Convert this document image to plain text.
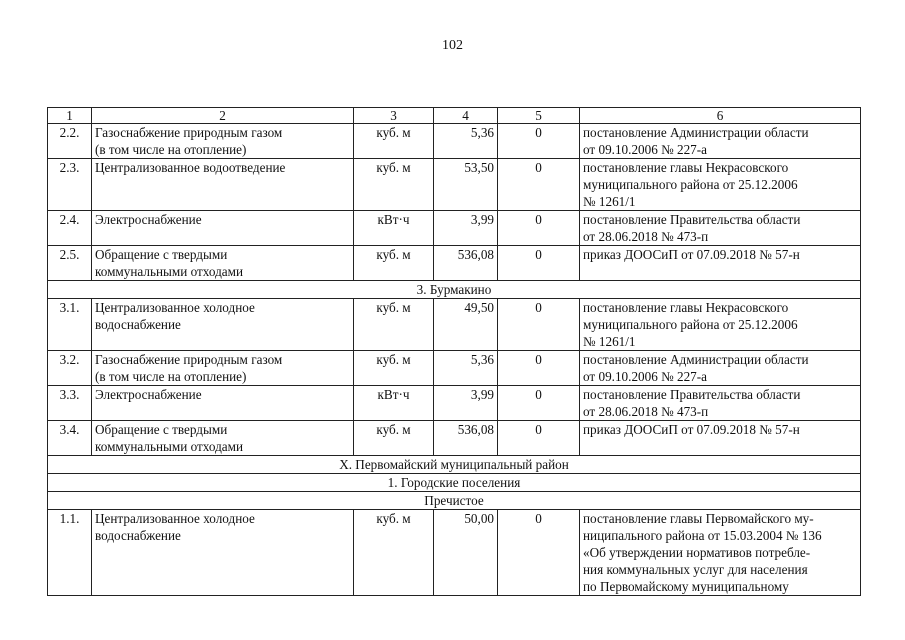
102
1	2	3	4	5	6
2.2.	Газоснабжение природным газом
(в том числе на отопление)	куб. м	5,36	0	постановление Администрации области
от 09.10.2006 № 227-а
2.3.	Централизованное водоотведение	куб. м	53,50	0	постановление главы Некрасовского
муниципального района от 25.12.2006
№ 1261/1
2.4.	Электроснабжение	кВт·ч	3,99	0	постановление Правительства области
от 28.06.2018 № 473-п
2.5.	Обращение с твердыми
коммунальными отходами	куб. м	536,08	0	приказ ДООСиП от 07.09.2018 № 57-н
3. Бурмакино					
3.1.	Централизованное холодное
водоснабжение	куб. м	49,50	0	постановление главы Некрасовского
муниципального района от 25.12.2006
№ 1261/1
3.2.	Газоснабжение природным газом
(в том числе на отопление)	куб. м	5,36	0	постановление Администрации области
от 09.10.2006 № 227-а
3.3.	Электроснабжение	кВт·ч	3,99	0	постановление Правительства области
от 28.06.2018 № 473-п
3.4.	Обращение с твердыми
коммунальными отходами	куб. м	536,08	0	приказ ДООСиП от 07.09.2018 № 57-н
X. Первомайский муниципальный район					
1. Городские поселения					
Пречистое					
1.1.	Централизованное холодное
водоснабжение	куб. м	50,00	0	постановление главы Первомайского му-
ниципального района от 15.03.2004 № 136
«Об утверждении нормативов потребле-
ния коммунальных услуг для населения
по Первомайскому муниципальному
